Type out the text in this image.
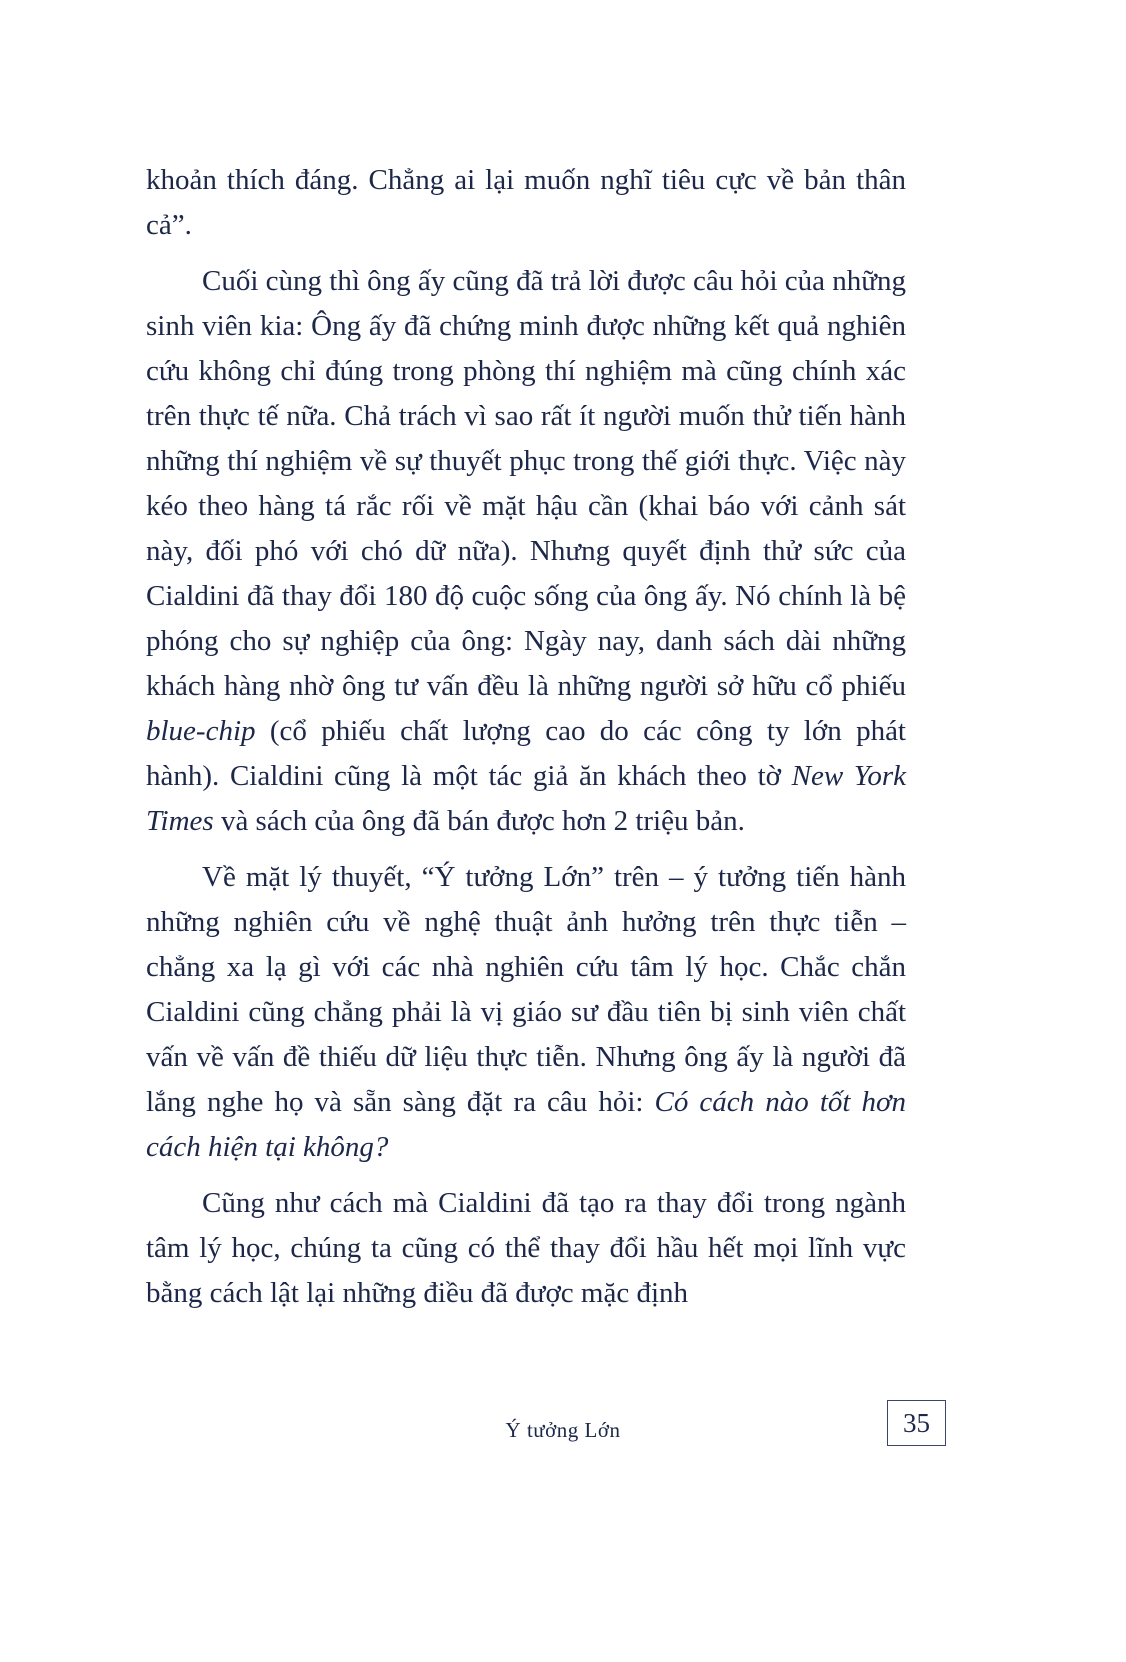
khoản thích đáng. Chẳng ai lại muốn nghĩ tiêu cực về bản thân cả”.

Cuối cùng thì ông ấy cũng đã trả lời được câu hỏi của những sinh viên kia: Ông ấy đã chứng minh được những kết quả nghiên cứu không chỉ đúng trong phòng thí nghiệm mà cũng chính xác trên thực tế nữa. Chả trách vì sao rất ít người muốn thử tiến hành những thí nghiệm về sự thuyết phục trong thế giới thực. Việc này kéo theo hàng tá rắc rối về mặt hậu cần (khai báo với cảnh sát này, đối phó với chó dữ nữa). Nhưng quyết định thử sức của Cialdini đã thay đổi 180 độ cuộc sống của ông ấy. Nó chính là bệ phóng cho sự nghiệp của ông: Ngày nay, danh sách dài những khách hàng nhờ ông tư vấn đều là những người sở hữu cổ phiếu blue-chip (cổ phiếu chất lượng cao do các công ty lớn phát hành). Cialdini cũng là một tác giả ăn khách theo tờ New York Times và sách của ông đã bán được hơn 2 triệu bản.

Về mặt lý thuyết, “Ý tưởng Lớn” trên – ý tưởng tiến hành những nghiên cứu về nghệ thuật ảnh hưởng trên thực tiễn – chẳng xa lạ gì với các nhà nghiên cứu tâm lý học. Chắc chắn Cialdini cũng chẳng phải là vị giáo sư đầu tiên bị sinh viên chất vấn về vấn đề thiếu dữ liệu thực tiễn. Nhưng ông ấy là người đã lắng nghe họ và sẵn sàng đặt ra câu hỏi: Có cách nào tốt hơn cách hiện tại không?

Cũng như cách mà Cialdini đã tạo ra thay đổi trong ngành tâm lý học, chúng ta cũng có thể thay đổi hầu hết mọi lĩnh vực bằng cách lật lại những điều đã được mặc định

Ý tưởng Lớn	35
